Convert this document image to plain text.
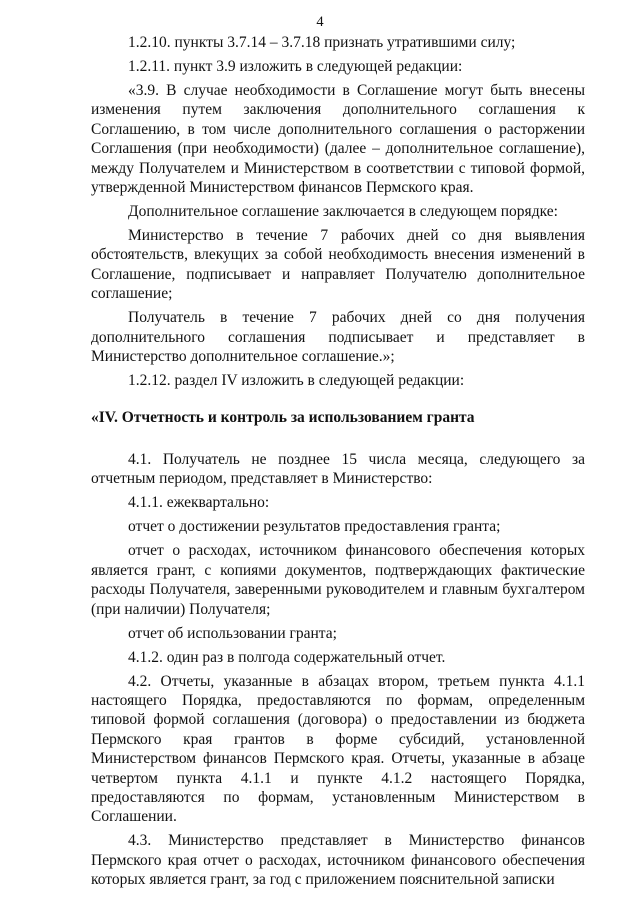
4

1.2.10. пункты 3.7.14 – 3.7.18 признать утратившими силу;

1.2.11. пункт 3.9 изложить в следующей редакции:

«3.9. В случае необходимости в Соглашение могут быть внесены изменения путем заключения дополнительного соглашения к Соглашению, в том числе дополнительного соглашения о расторжении Соглашения (при необходимости) (далее – дополнительное соглашение), между Получателем и Министерством в соответствии с типовой формой, утвержденной Министерством финансов Пермского края.

Дополнительное соглашение заключается в следующем порядке:

Министерство в течение 7 рабочих дней со дня выявления обстоятельств, влекущих за собой необходимость внесения изменений в Соглашение, подписывает и направляет Получателю дополнительное соглашение;

Получатель в течение 7 рабочих дней со дня получения дополнительного соглашения подписывает и представляет в Министерство дополнительное соглашение.»;

1.2.12. раздел IV изложить в следующей редакции:

«IV. Отчетность и контроль за использованием гранта

4.1. Получатель не позднее 15 числа месяца, следующего за отчетным периодом, представляет в Министерство:

4.1.1. ежеквартально:

отчет о достижении результатов предоставления гранта;

отчет о расходах, источником финансового обеспечения которых является грант, с копиями документов, подтверждающих фактические расходы Получателя, заверенными руководителем и главным бухгалтером (при наличии) Получателя;

отчет об использовании гранта;

4.1.2. один раз в полгода содержательный отчет.

4.2. Отчеты, указанные в абзацах втором, третьем пункта 4.1.1 настоящего Порядка, предоставляются по формам, определенным типовой формой соглашения (договора) о предоставлении из бюджета Пермского края грантов в форме субсидий, установленной Министерством финансов Пермского края. Отчеты, указанные в абзаце четвертом пункта 4.1.1 и пункте 4.1.2 настоящего Порядка, предоставляются по формам, установленным Министерством в Соглашении.

4.3. Министерство представляет в Министерство финансов Пермского края отчет о расходах, источником финансового обеспечения которых является грант, за год с приложением пояснительной записки
